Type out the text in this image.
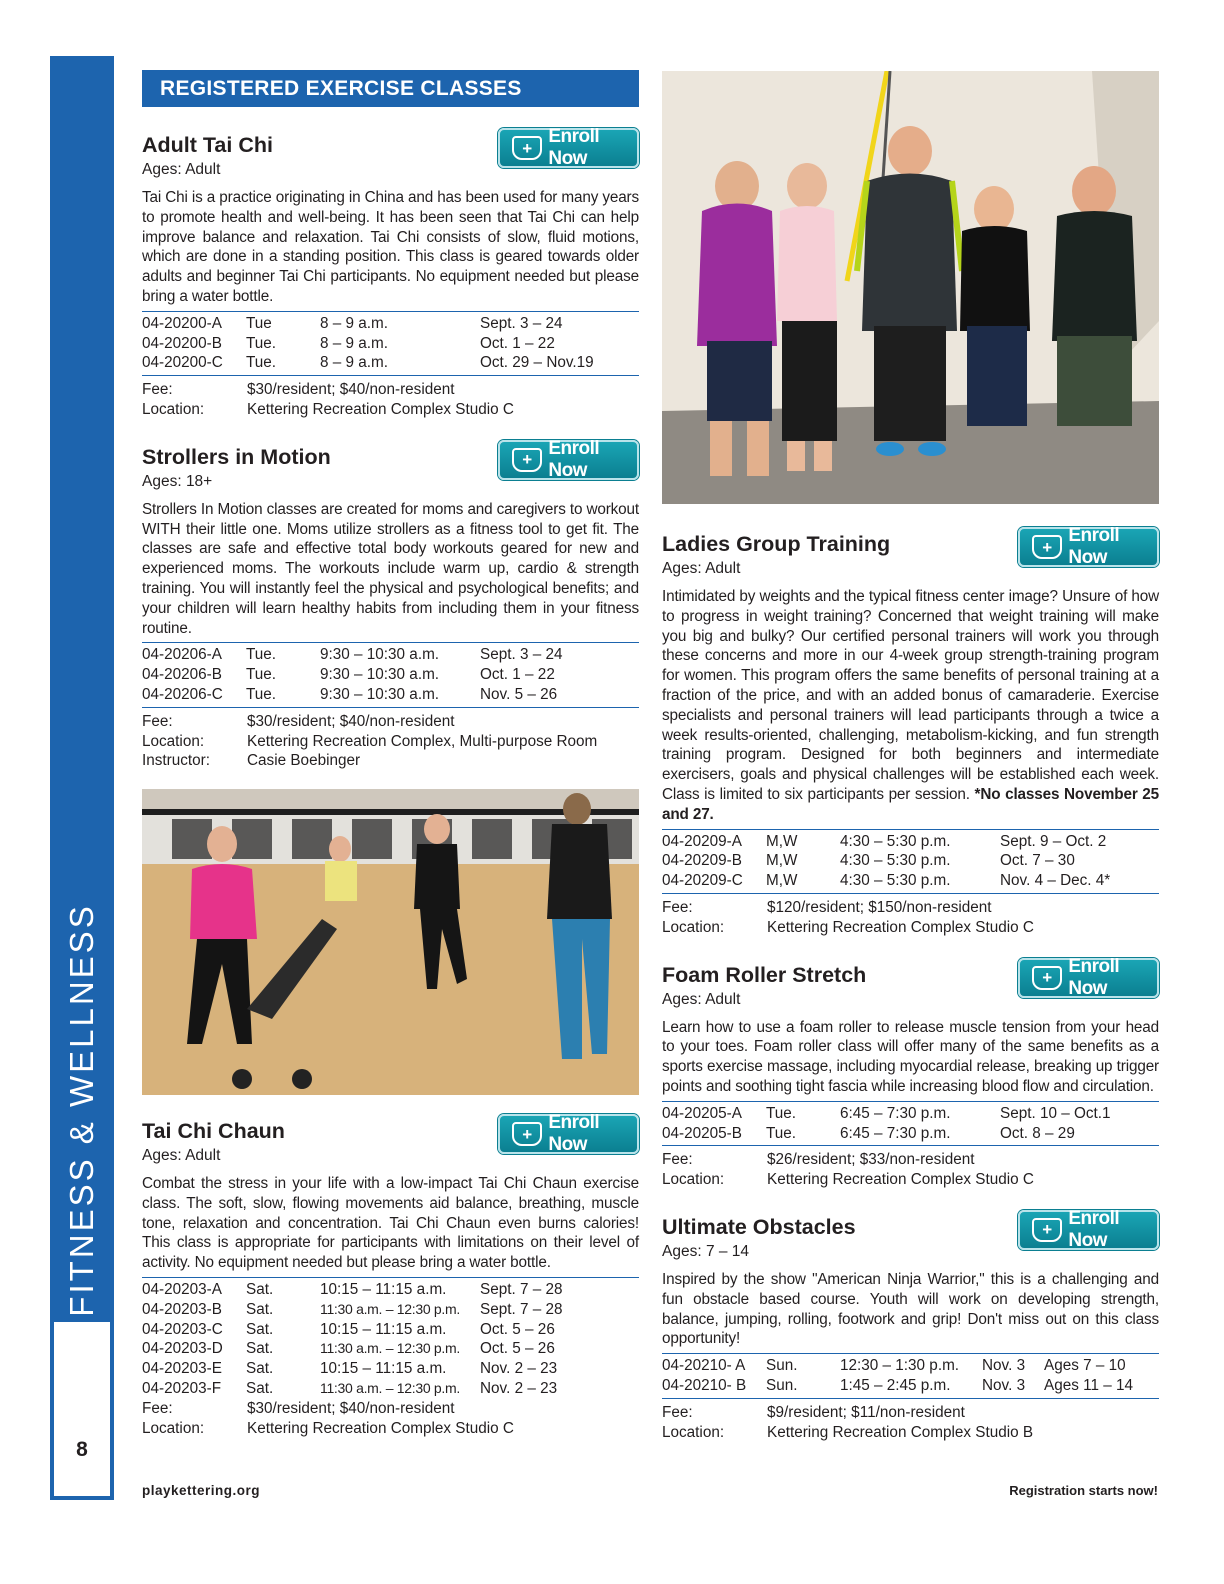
FITNESS & WELLNESS
8
REGISTERED EXERCISE CLASSES
+
Enroll Now
Adult Tai Chi
Ages: Adult
Tai Chi is a practice originating in China and has been used for many years to promote health and well-being. It has been seen that Tai Chi can help improve balance and relaxation. Tai Chi consists of slow, fluid motions, which are done in a standing position. This class is geared towards older adults and beginner Tai Chi participants. No equipment needed but please bring a water bottle.
04-20200-A	Tue	8 – 9 a.m.	Sept. 3 – 24
04-20200-B	Tue.	8 – 9 a.m.	Oct. 1 – 22
04-20200-C	Tue.	8 – 9 a.m.	Oct. 29 – Nov.19
Fee:	$30/resident; $40/non-resident
Location:	Kettering Recreation Complex Studio C
+
Enroll Now
Strollers in Motion
Ages: 18+
Strollers In Motion classes are created for moms and caregivers to workout WITH their little one. Moms utilize strollers as a fitness tool to get fit. The classes are safe and effective total body workouts geared for new and experienced moms. The workouts include warm up, cardio & strength training. You will instantly feel the physical and psychological benefits; and your children will learn healthy habits from including them in your fitness routine.
04-20206-A	Tue.	9:30 – 10:30 a.m.	Sept. 3 – 24
04-20206-B	Tue.	9:30 – 10:30 a.m.	Oct. 1 – 22
04-20206-C	Tue.	9:30 – 10:30 a.m.	Nov. 5 – 26
Fee:	$30/resident; $40/non-resident
Location:	Kettering Recreation Complex, Multi-purpose Room
Instructor:	Casie Boebinger
+
Enroll Now
Tai Chi Chaun
Ages: Adult
Combat the stress in your life with a low-impact Tai Chi Chaun exercise class. The soft, slow, flowing movements aid balance, breathing, muscle tone, relaxation and concentration. Tai Chi Chaun even burns calories! This class is appropriate for participants with limitations on their level of activity. No equipment needed but please bring a water bottle.
04-20203-A	Sat.	10:15 – 11:15 a.m.	Sept. 7 – 28
04-20203-B	Sat.	11:30 a.m. – 12:30 p.m.	Sept. 7 – 28
04-20203-C	Sat.	10:15 – 11:15 a.m.	Oct. 5 – 26
04-20203-D	Sat.	11:30 a.m. – 12:30 p.m.	Oct. 5 – 26
04-20203-E	Sat.	10:15 – 11:15 a.m.	Nov. 2 – 23
04-20203-F	Sat.	11:30 a.m. – 12:30 p.m.	Nov. 2 – 23
Fee:	$30/resident; $40/non-resident
Location:	Kettering Recreation Complex Studio C
+
Enroll Now
Ladies Group Training
Ages: Adult
Intimidated by weights and the typical fitness center image? Unsure of how to progress in weight training? Concerned that weight training will make you big and bulky? Our certified personal trainers will work you through these concerns and more in our 4-week group strength-training program for women. This program offers the same benefits of personal training at a fraction of the price, and with an added bonus of camaraderie. Exercise specialists and personal trainers will lead participants through a twice a week results-oriented, challenging, metabolism-kicking, and fun strength training program. Designed for both beginners and intermediate exercisers, goals and physical challenges will be established each week. Class is limited to six participants per session. *No classes November 25 and 27.
04-20209-A	M,W	4:30 – 5:30 p.m.	Sept. 9 – Oct. 2
04-20209-B	M,W	4:30 – 5:30 p.m.	Oct. 7 – 30
04-20209-C	M,W	4:30 – 5:30 p.m.	Nov. 4 – Dec. 4*
Fee:	$120/resident; $150/non-resident
Location:	Kettering Recreation Complex Studio C
+
Enroll Now
Foam Roller Stretch
Ages: Adult
Learn how to use a foam roller to release muscle tension from your head to your toes. Foam roller class will offer many of the same benefits as a sports exercise massage, including myocardial release, breaking up trigger points and soothing tight fascia while increasing blood flow and circulation.
04-20205-A	Tue.	6:45 – 7:30 p.m.	Sept. 10 – Oct.1
04-20205-B	Tue.	6:45 – 7:30 p.m.	Oct. 8 – 29
Fee:	$26/resident; $33/non-resident
Location:	Kettering Recreation Complex Studio C
+
Enroll Now
Ultimate Obstacles
Ages: 7 – 14
Inspired by the show "American Ninja Warrior," this is a challenging and fun obstacle based course. Youth will work on developing strength, balance, jumping, rolling, footwork and grip! Don't miss out on this class opportunity!
04-20210- A	Sun.	12:30 – 1:30 p.m.	Nov. 3	Ages 7 – 10
04-20210- B	Sun.	1:45 – 2:45 p.m.	Nov. 3	Ages 11 – 14
Fee:	$9/resident; $11/non-resident
Location:	Kettering Recreation Complex Studio B
playkettering.org	Registration starts now!
